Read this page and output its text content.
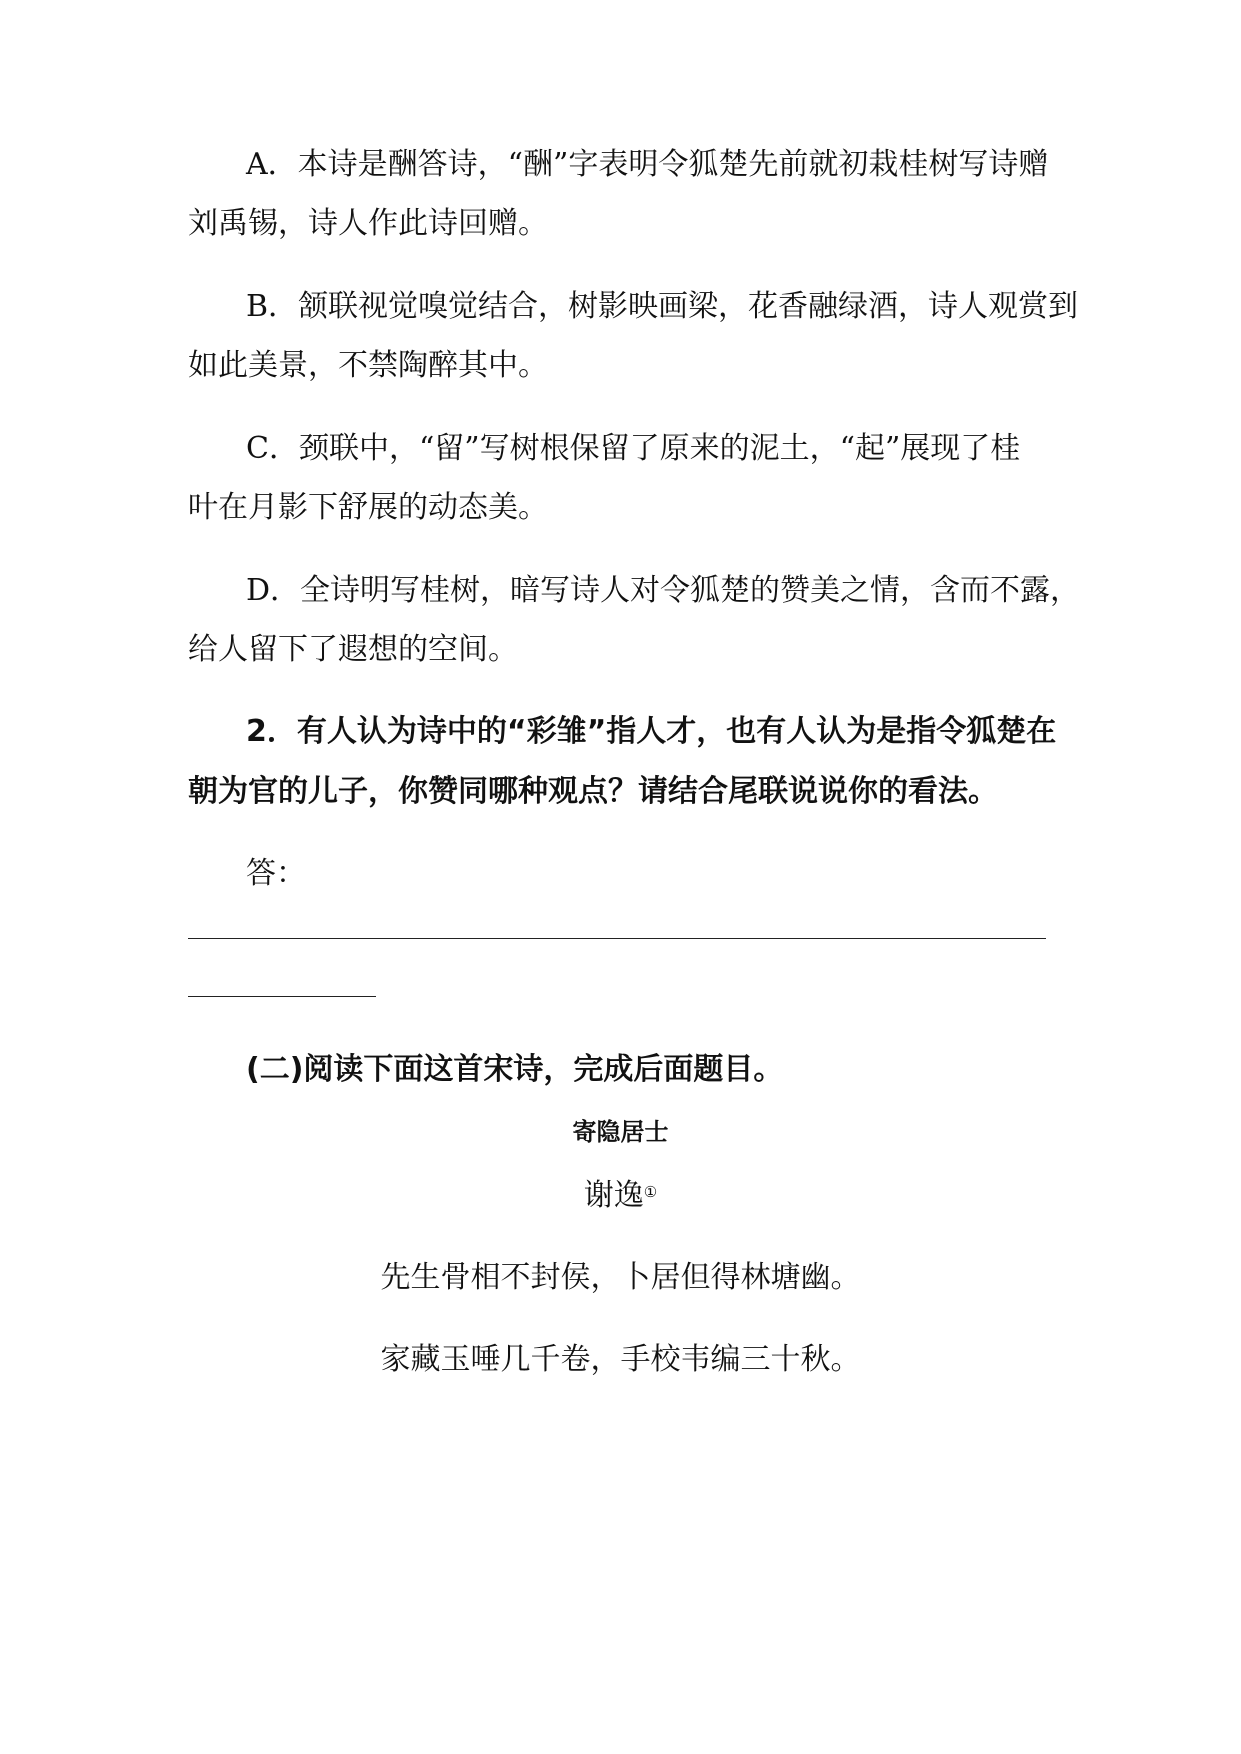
A．本诗是酬答诗，“酬”字表明令狐楚先前就初栽桂树写诗赠
刘禹锡，诗人作此诗回赠。
B．颔联视觉嗅觉结合，树影映画梁，花香融绿酒，诗人观赏到
如此美景，不禁陶醉其中。
C．颈联中，“留”写树根保留了原来的泥土，“起”展现了桂
叶在月影下舒展的动态美。
D．全诗明写桂树，暗写诗人对令狐楚的赞美之情，含而不露，
给人留下了遐想的空间。
2．有人认为诗中的“彩雏”指人才，也有人认为是指令狐楚在
朝为官的儿子，你赞同哪种观点？请结合尾联说说你的看法。
答：
(二)阅读下面这首宋诗，完成后面题目。
寄隐居士
谢逸①
先生骨相不封侯，卜居但得林塘幽。
家藏玉唾几千卷，手校韦编三十秋。
